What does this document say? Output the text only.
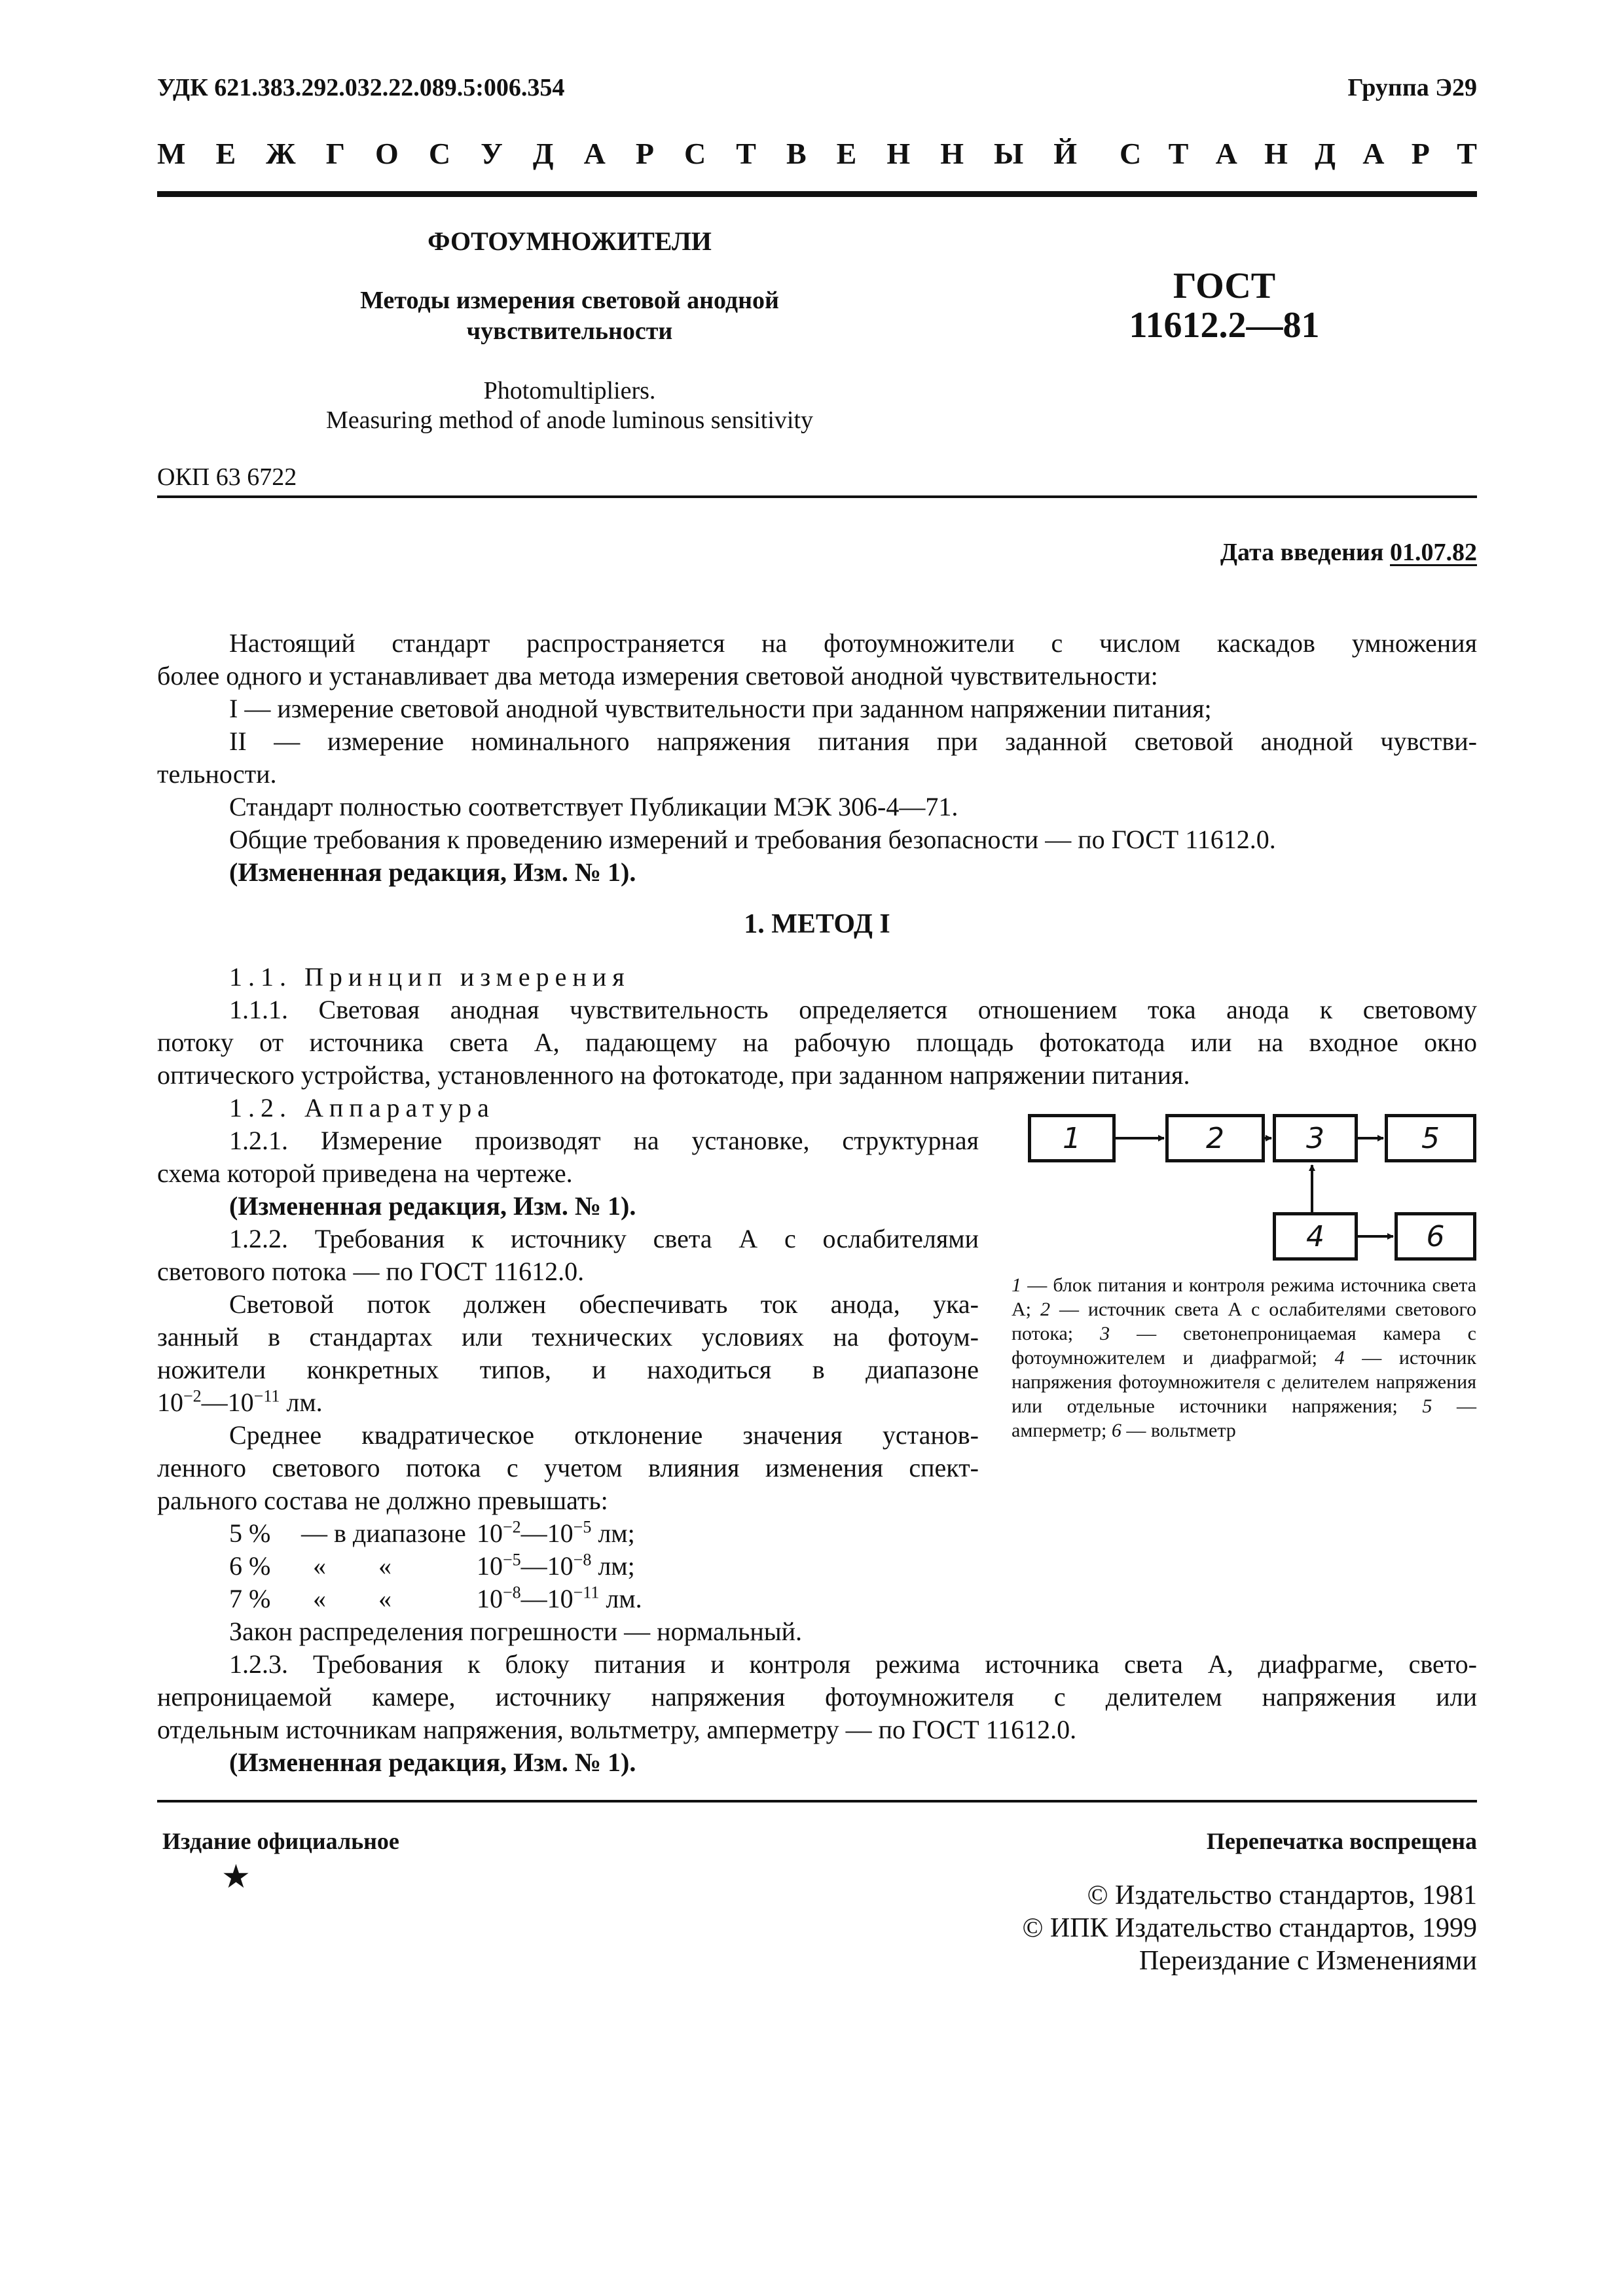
УДК 621.383.292.032.22.089.5:006.354	Группа Э29
М Е Ж Г О С У Д А Р С Т В Е Н Н Ы Й С Т А Н Д А Р Т
ФОТОУМНОЖИТЕЛИ
Методы измерения световой анодной
чувствительности
Photomultipliers.
Measuring method of anode luminous sensitivity
ГОСТ
11612.2—81
ОКП 63 6722
Дата введения 01.07.82
Настоящий стандарт распространяется на фотоумножители с числом каскадов умножения
более одного и устанавливает два метода измерения световой анодной чувствительности:
I — измерение световой анодной чувствительности при заданном напряжении питания;
II — измерение номинального напряжения питания при заданной световой анодной чувстви-
тельности.
Стандарт полностью соответствует Публикации МЭК 306-4—71.
Общие требования к проведению измерений и требования безопасности — по ГОСТ 11612.0.
(Измененная редакция, Изм. № 1).
1. МЕТОД I
1.1. Принцип измерения
1.1.1. Световая анодная чувствительность определяется отношением тока анода к световому
потоку от источника света А, падающему на рабочую площадь фотокатода или на входное окно
оптического устройства, установленного на фотокатоде, при заданном напряжении питания.
1.2. Аппаратура
1.2.1. Измерение производят на установке, структурная
схема которой приведена на чертеже.
(Измененная редакция, Изм. № 1).
1.2.2. Требования к источнику света А с ослабителями
светового потока — по ГОСТ 11612.0.
Световой поток должен обеспечивать ток анода, ука-
занный в стандартах или технических условиях на фотоум-
ножители конкретных типов, и находиться в диапазоне
$10^{-2}—10^{-11}$ лм.
Среднее квадратическое отклонение значения установ-
ленного светового потока с учетом влияния изменения спект-
рального состава не должно превышать:
5 % — в диапазоне $10^{-2}—10^{-5}$ лм;
6 % «        «	$10^{-5}—10^{-8}$ лм;
7 % «        «	$10^{-8}—10^{-11}$ лм.
Закон распределения погрешности — нормальный.
1.2.3. Требования к блоку питания и контроля режима источника света А, диафрагме, свето-
непроницаемой камере, источнику напряжения фотоумножителя с делителем напряжения или
отдельным источникам напряжения, вольтметру, амперметру — по ГОСТ 11612.0.
(Измененная редакция, Изм. № 1).
1	2	3	5
4	6
1 — блок питания и контроля режима источника света А; 2 — источник света А с ослабителями светового потока; 3 — светонепроницаемая камера с фотоумножителем и диафрагмой; 4 — источник напряжения фотоумножителя с делителем напряжения или отдельные источники напряжения; 5 — амперметр; 6 — вольтметр
Издание официальное
★
Перепечатка воспрещена
© Издательство стандартов, 1981
© ИПК Издательство стандартов, 1999
Переиздание с Изменениями
